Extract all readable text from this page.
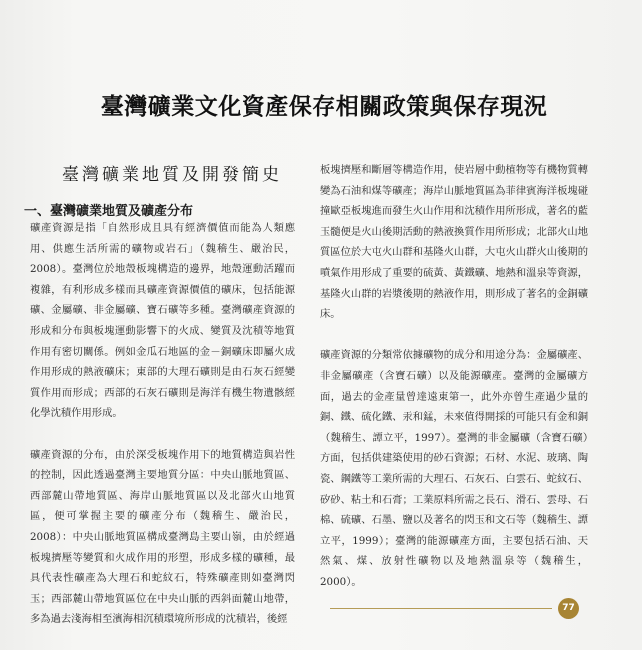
臺灣礦業文化資產保存相關政策與保存現況
臺灣礦業地質及開發簡史
一、臺灣礦業地質及礦產分布

礦產資源是指「自然形成且具有經濟價值而能為人類應用、供應生活所需的礦物或岩石」（魏稽生、嚴治民，2008）。臺灣位於地殼板塊構造的邊界，地殼運動活躍而複雜，有利形成多樣而具礦產資源價值的礦床，包括能源礦、金屬礦、非金屬礦、寶石礦等多種。臺灣礦產資源的形成和分布與板塊運動影響下的火成、變質及沈積等地質作用有密切關係。例如金瓜石地區的金－銅礦床即屬火成作用形成的熱液礦床；東部的大理石礦則是由石灰石經變質作用而形成；西部的石灰石礦則是海洋有機生物遺骸經化學沈積作用形成。

礦產資源的分布，由於深受板塊作用下的地質構造與岩性的控制，因此透過臺灣主要地質分區：中央山脈地質區、西部麓山帶地質區、海岸山脈地質區以及北部火山地質區，便可掌握主要的礦產分布（魏稽生、嚴治民，2008）：中央山脈地質區構成臺灣島主要山嶺，由於經過板塊擠壓等變質和火成作用的形塑，形成多樣的礦種，最具代表性礦產為大理石和蛇紋石，特殊礦產則如臺灣閃玉；西部麓山帶地質區位在中央山脈的西斜面麓山地帶，多為過去淺海相至濱海相沉積環境所形成的沈積岩，後經

板塊擠壓和斷層等構造作用，使岩層中動植物等有機物質轉變為石油和煤等礦產；海岸山脈地質區為菲律賓海洋板塊碰撞歐亞板塊進而發生火山作用和沈積作用所形成，著名的藍玉髓便是火山後期活動的熱液換質作用所形成；北部火山地質區位於大屯火山群和基隆火山群，大屯火山群火山後期的噴氣作用形成了重要的硫黃、黃鐵礦、地熱和溫泉等資源，基隆火山群的岩漿後期的熱液作用，則形成了著名的金銅礦床。

礦產資源的分類常依據礦物的成分和用途分為：金屬礦產、非金屬礦產（含寶石礦）以及能源礦產。臺灣的金屬礦方面，過去的金產量曾達遠東第一，此外亦曾生產過少量的銅、鐵、硫化鐵、汞和錳，未來值得開採的可能只有金和銅（魏稽生、譚立平，1997）。臺灣的非金屬礦（含寶石礦）方面，包括供建築使用的砂石資源；石材、水泥、玻璃、陶瓷、鋼鐵等工業所需的大理石、石灰石、白雲石、蛇紋石、矽砂、粘土和石膏；工業原料所需之長石、滑石、雲母、石棉、硫礦、石墨、鹽以及著名的閃玉和文石等（魏稽生、譚立平，1999）；臺灣的能源礦產方面，主要包括石油、天然氣、煤、放射性礦物以及地熱溫泉等（魏稽生，2000）。

77
